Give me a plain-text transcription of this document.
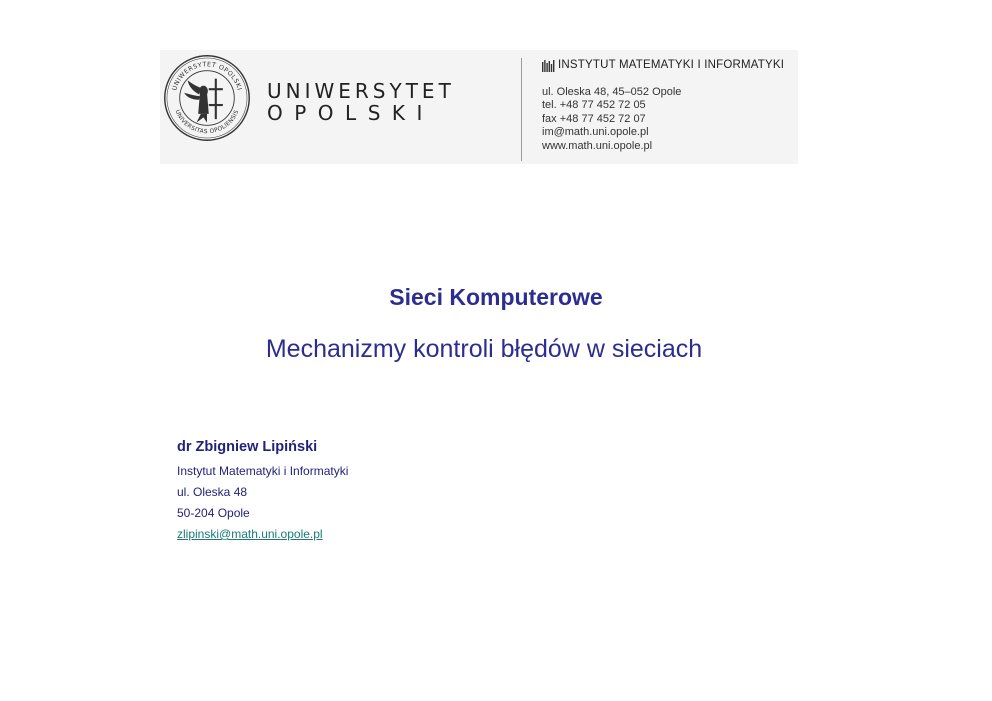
UNIWERSYTET OPOLSKI
UNIVERSITAS OPOLIENSIS
UNIWERSYTET
OPOLSKI
INSTYTUT MATEMATYKI I INFORMATYKI
ul. Oleska 48, 45–052 Opole
tel. +48 77 452 72 05
fax +48 77 452 72 07
im@math.uni.opole.pl
www.math.uni.opole.pl
Sieci Komputerowe
Mechanizmy kontroli błędów w sieciach
dr Zbigniew Lipiński
Instytut Matematyki i Informatyki
ul. Oleska 48
50-204 Opole
zlipinski@math.uni.opole.pl
